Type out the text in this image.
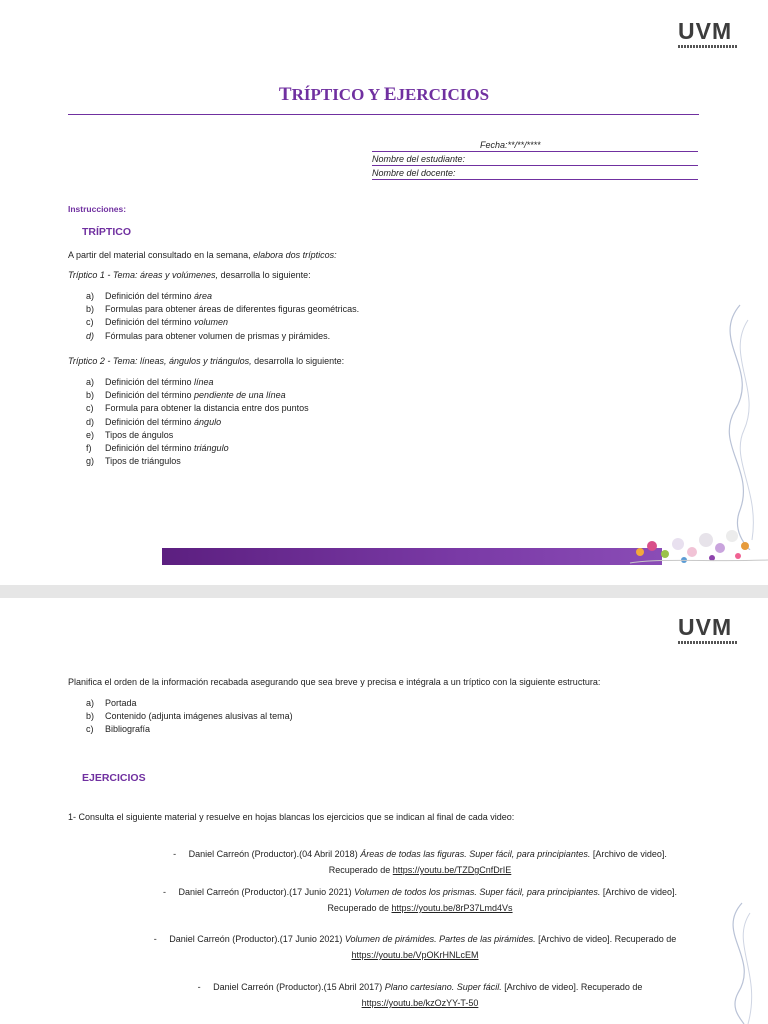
UVM
TRÍPTICO Y EJERCICIOS
Fecha:**/**/****
Nombre del estudiante:
Nombre del docente:
Instrucciones:
TRÍPTICO
A partir del material consultado en la semana, elabora dos trípticos:
Tríptico 1 - Tema: áreas y volúmenes, desarrolla lo siguiente:
a) Definición del término área
b) Formulas para obtener áreas de diferentes figuras geométricas.
c) Definición del término volumen
d) Fórmulas para obtener volumen de prismas y pirámides.
Tríptico 2 - Tema: líneas, ángulos y triángulos, desarrolla lo siguiente:
a) Definición del término línea
b) Definición del término pendiente de una línea
c) Formula para obtener la distancia entre dos puntos
d) Definición del término ángulo
e) Tipos de ángulos
f) Definición del término triángulo
g) Tipos de triángulos
UVM
Planifica el orden de la información recabada asegurando que sea breve y precisa e intégrala a un tríptico con la siguiente estructura:
a) Portada
b) Contenido (adjunta imágenes alusivas al tema)
c) Bibliografía
EJERCICIOS
1- Consulta el siguiente material y resuelve en hojas blancas los ejercicios que se indican al final de cada video:
-     Daniel Carreón (Productor).(04 Abril 2018) Áreas de todas las figuras. Super fácil, para principiantes. [Archivo de video].
Recuperado de https://youtu.be/TZDgCnfDrIE
-     Daniel Carreón (Productor).(17 Junio 2021) Volumen de todos los prismas. Super fácil, para principiantes. [Archivo de video].
Recuperado de https://youtu.be/8rP37Lmd4Vs
-     Daniel Carreón (Productor).(17 Junio 2021) Volumen de pirámides. Partes de las pirámides. [Archivo de video]. Recuperado de
https://youtu.be/VpOKrHNLcEM
-     Daniel Carreón (Productor).(15 Abril 2017) Plano cartesiano. Super fácil. [Archivo de video]. Recuperado de
https://youtu.be/kzOzYY-T-50
